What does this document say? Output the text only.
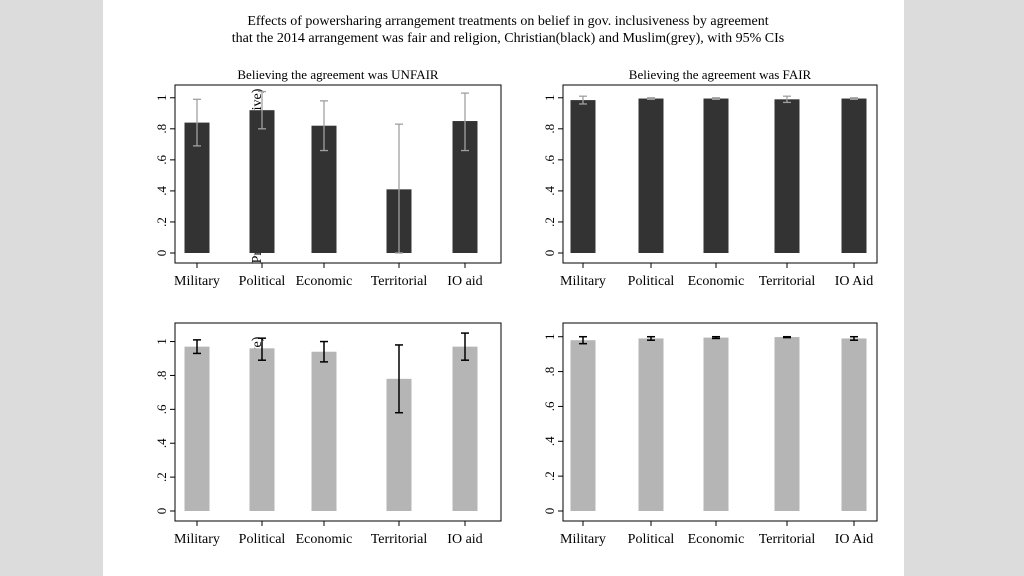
Effects of powersharing arrangement treatments on belief in gov. inclusiveness by agreement
that the 2014 arrangement was fair and religion, Christian(black) and Muslim(grey), with 95% CIs
Believing the agreement was UNFAIR
0
.2
.4
.6
.8
1
Military Political Economic Territorial IO aid
Believing the agreement was FAIR
0
.2
.4
.6
.8
1
Military Political Economic Territorial IO Aid
0
.2
.4
.6
.8
1
Military Political Economic Territorial IO aid
0
.2
.4
.6
.8
1
Military Political Economic Territorial IO Aid
